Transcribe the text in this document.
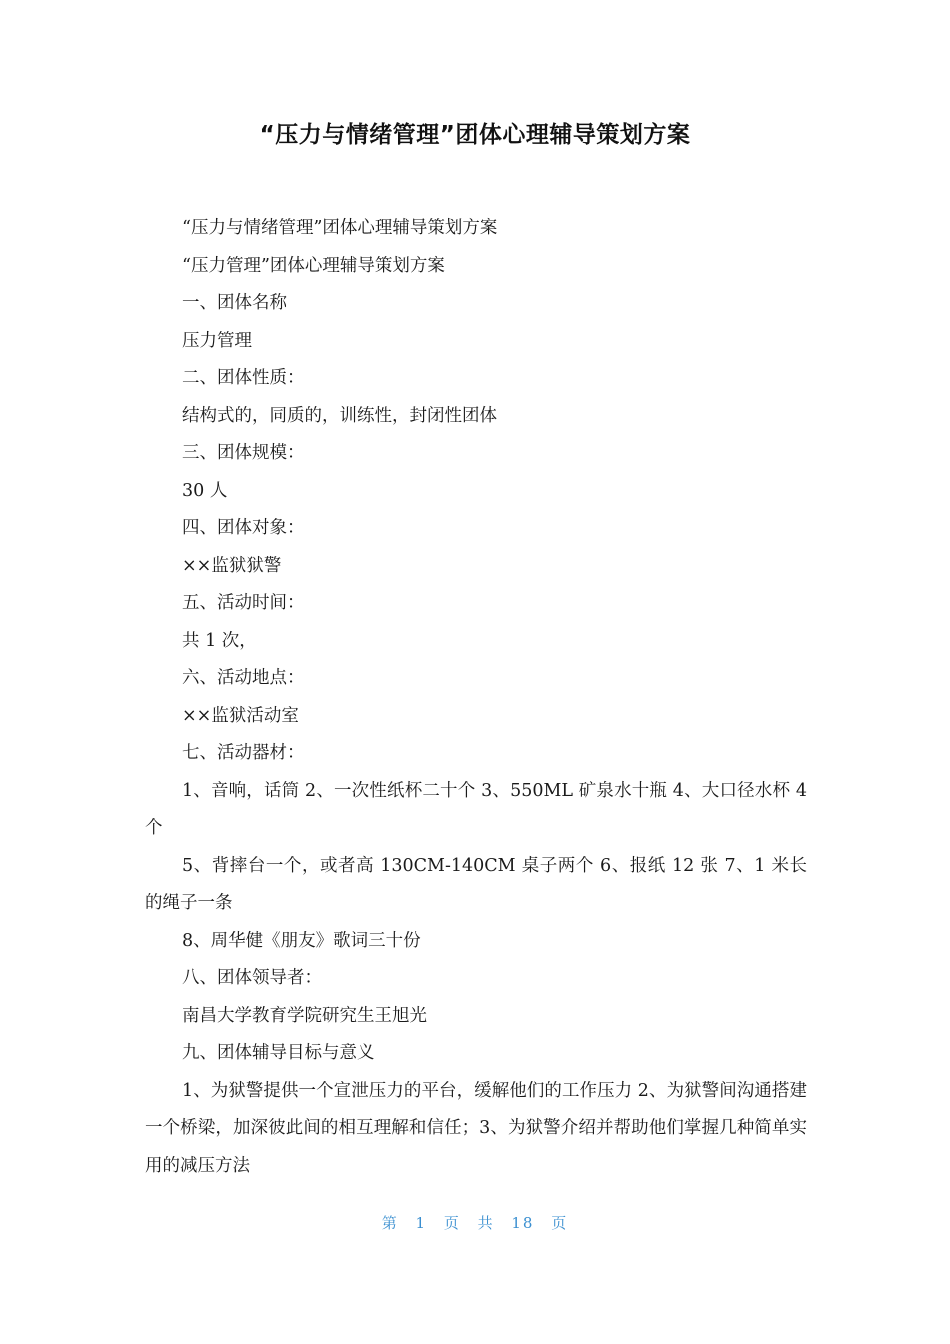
“压力与情绪管理”团体心理辅导策划方案

“压力与情绪管理”团体心理辅导策划方案

“压力管理”团体心理辅导策划方案

一、团体名称

压力管理

二、团体性质：

结构式的，同质的，训练性，封闭性团体

三、团体规模：

30 人

四、团体对象：

××监狱狱警

五、活动时间：

共 1 次，

六、活动地点：

××监狱活动室

七、活动器材：

1、音响，话筒 2、一次性纸杯二十个 3、550ML 矿泉水十瓶 4、大口径水杯 4 个

5、背摔台一个，或者高 130CM-140CM 桌子两个 6、报纸 12 张 7、1 米长的绳子一条

8、周华健《朋友》歌词三十份

八、团体领导者：

南昌大学教育学院研究生王旭光

九、团体辅导目标与意义

1、为狱警提供一个宣泄压力的平台，缓解他们的工作压力 2、为狱警间沟通搭建一个桥梁，加深彼此间的相互理解和信任；3、为狱警介绍并帮助他们掌握几种简单实用的减压方法

第 1 页 共 18 页
